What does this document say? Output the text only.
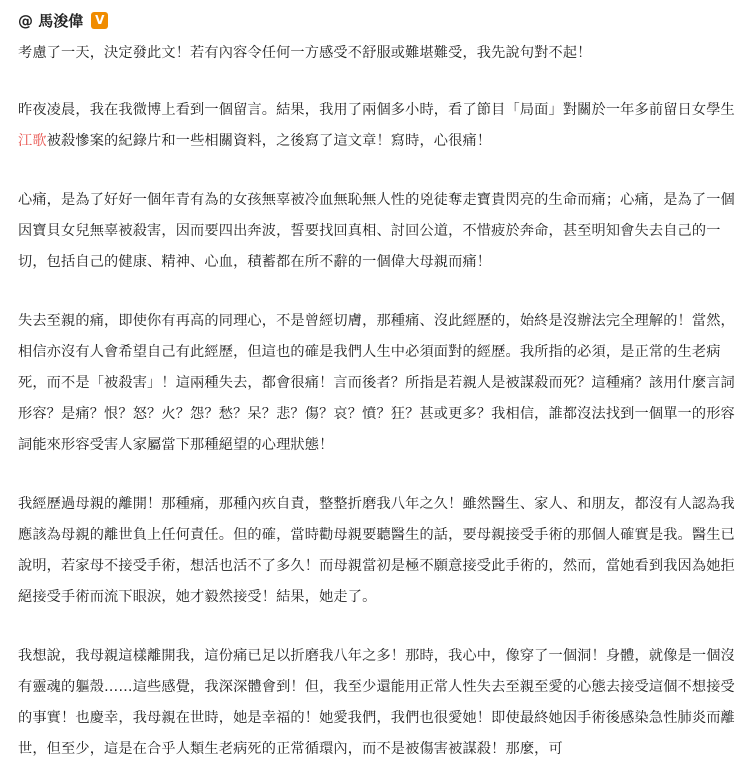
@ 馬浚偉 V

考慮了一天，決定發此文！若有內容令任何一方感受不舒服或難堪難受，我先說句對不起！

昨夜凌晨，我在我微博上看到一個留言。結果，我用了兩個多小時，看了節目「局面」對關於一年多前留日女學生江歌被殺慘案的紀錄片和一些相關資料，之後寫了這文章！寫時，心很痛！

心痛，是為了好好一個年青有為的女孩無辜被冷血無恥無人性的兇徒奪走寶貴閃亮的生命而痛；心痛，是為了一個因寶貝女兒無辜被殺害，因而要四出奔波，誓要找回真相、討回公道，不惜疲於奔命，甚至明知會失去自己的一切，包括自己的健康、精神、心血，積蓄都在所不辭的一個偉大母親而痛！

失去至親的痛，即使你有再高的同理心，不是曾經切膚，那種痛、沒此經歷的，始終是沒辦法完全理解的！當然，相信亦沒有人會希望自己有此經歷，但這也的確是我們人生中必須面對的經歷。我所指的必須，是正常的生老病死，而不是「被殺害」！這兩種失去，都會很痛！言而後者？所指是若親人是被謀殺而死？這種痛？該用什麼言詞形容？是痛？恨？怒？火？怨？愁？呆？悲？傷？哀？憤？狂？甚或更多？我相信，誰都沒法找到一個單一的形容詞能來形容受害人家屬當下那種絕望的心理狀態！

我經歷過母親的離開！那種痛，那種內疚自責，整整折磨我八年之久！雖然醫生、家人、和朋友，都沒有人認為我應該為母親的離世負上任何責任。但的確，當時勸母親要聽醫生的話，要母親接受手術的那個人確實是我。醫生已說明，若家母不接受手術，想活也活不了多久！而母親當初是極不願意接受此手術的，然而，當她看到我因為她拒絕接受手術而流下眼淚，她才毅然接受！結果，她走了。

我想說，我母親這樣離開我，這份痛已足以折磨我八年之多！那時，我心中，像穿了一個洞！身體，就像是一個沒有靈魂的軀殼……這些感覺，我深深體會到！但，我至少還能用正常人性失去至親至愛的心態去接受這個不想接受的事實！也慶幸，我母親在世時，她是幸福的！她愛我們，我們也很愛她！即使最終她因手術後感染急性肺炎而離世，但至少，這是在合乎人類生老病死的正常循環內，而不是被傷害被謀殺！那麼，可
